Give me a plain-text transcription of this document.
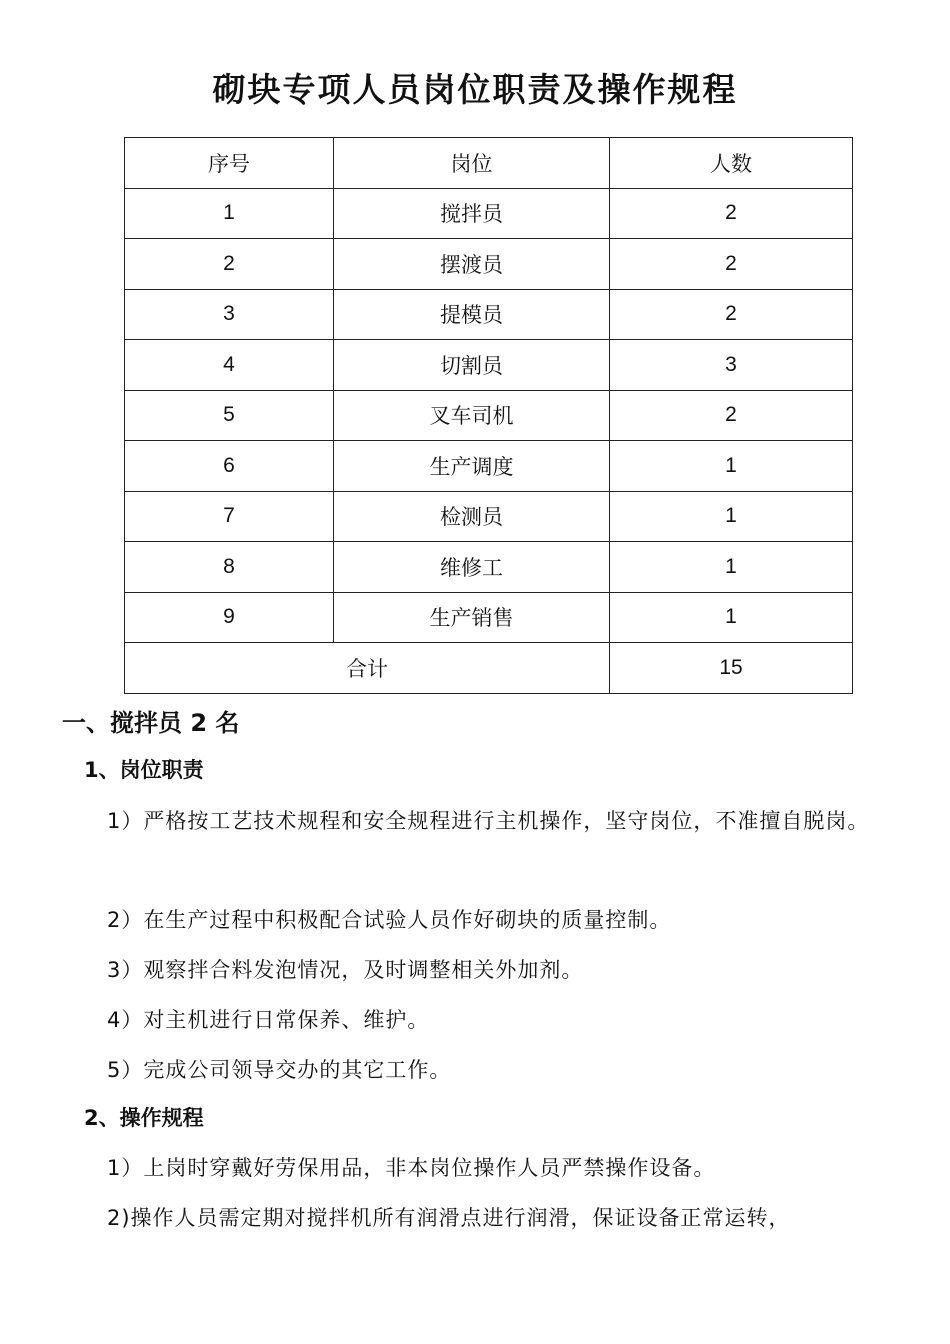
砌块专项人员岗位职责及操作规程
序号	岗位	人数
1	搅拌员	2
2	摆渡员	2
3	提模员	2
4	切割员	3
5	叉车司机	2
6	生产调度	1
7	检测员	1
8	维修工	1
9	生产销售	1
合计		15
一、搅拌员 2 名
1、岗位职责
1）严格按工艺技术规程和安全规程进行主机操作，坚守岗位，不准擅自脱岗。
2）在生产过程中积极配合试验人员作好砌块的质量控制。
3）观察拌合料发泡情况，及时调整相关外加剂。
4）对主机进行日常保养、维护。
5）完成公司领导交办的其它工作。
2、操作规程
1）上岗时穿戴好劳保用品，非本岗位操作人员严禁操作设备。
2)操作人员需定期对搅拌机所有润滑点进行润滑，保证设备正常运转，
